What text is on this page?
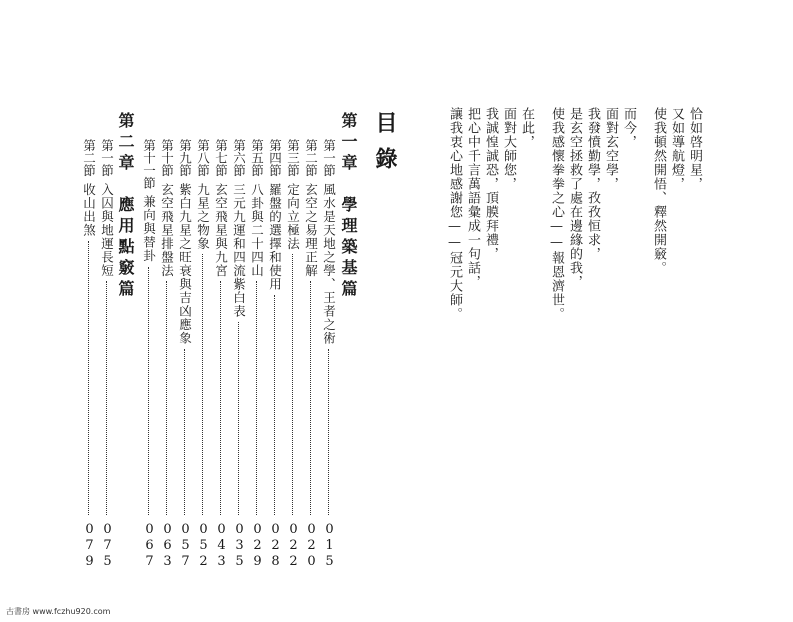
恰如啓明星，
又如導航燈，
使我頓然開悟、釋然開竅。
而今，
面對玄空學，
我發憤勤學，孜孜恒求，
是玄空拯救了處在邊緣的我，
使我感懷拳拳之心——報恩濟世。
在此，
面對大師您，
我誠惶誠恐，頂膜拜禮，
把心中千言萬語彙成一句話，
讓我衷心地感謝您——冠元大師。
目錄
第一章　學理築基篇
第一節風水是天地之學、王者之術
015
第二節玄空之易理正解
020
第三節定向立極法
022
第四節羅盤的選擇和使用
028
第五節八卦與二十四山
029
第六節三元九運和四流紫白表
035
第七節玄空飛星與九宮
043
第八節九星之物象
052
第九節紫白九星之旺衰與吉凶應象
057
第十節玄空飛星排盤法
063
第十一節兼向與替卦
067
第一節入囚與地運長短
075
第二節收山出煞
079
第二章　應用點竅篇
古書房 www.fczhu920.com
